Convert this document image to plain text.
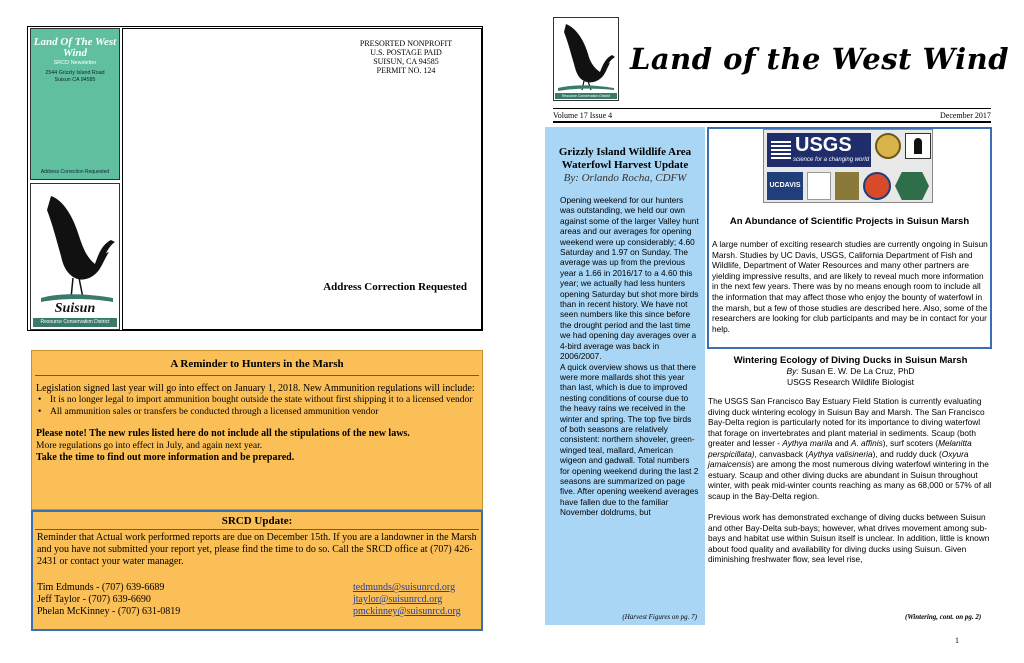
Land Of The West Wind
SRCD Newsletter
2544 Grizzly Island Road
Suisun CA 94585
Address Correction Requested
Suisun
Resource Conservation District
PRESORTED NONPROFIT
U.S. POSTAGE PAID
SUISUN, CA 94585
PERMIT NO. 124
Address Correction Requested
A Reminder to Hunters in the Marsh

Legislation signed last year will go into effect on January 1, 2018. New Ammunition regulations will include:

• It is no longer legal to import ammunition bought outside the state without first shipping it to a licensed vendor
• All ammunition sales or transfers be conducted through a licensed ammunition vendor

Please note! The new rules listed here do not include all the stipulations of the new laws.

More regulations go into effect in July, and again next year.

Take the time to find out more information and be prepared.

SRCD Update:

Reminder that Actual work performed reports are due on December 15th. If you are a landowner in the Marsh and you have not submitted your report yet, please find the time to do so. Call the SRCD office at (707) 426-2431 or contact your water manager.

Tim Edmunds - (707) 639-6689	tedmunds@suisunrcd.org
Jeff Taylor - (707) 639-6690	jtaylor@suisunrcd.org
Phelan McKinney - (707) 631-0819	pmckinney@suisunrcd.org
Resource Conservation District
Land of the West Wind
Volume 17 Issue 4	December 2017
Grizzly Island Wildlife Area Waterfowl Harvest Update
By: Orlando Rocha, CDFW
Opening weekend for our hunters was outstanding, we held our own against some of the larger Valley hunt areas and our averages for opening weekend were up considerably; 4.60 Saturday and 1.97 on Sunday. The average was up from the previous year a 1.66 in 2016/17 to a 4.60 this year; we actually had less hunters opening Saturday but shot more birds than in recent history. We have not seen numbers like this since before the drought period and the last time we had opening day averages over a 4-bird average was back in 2006/2007.
A quick overview shows us that there were more mallards shot this year than last, which is due to improved nesting conditions of course due to the heavy rains we received in the winter and spring. The top five birds of both seasons are relatively consistent: northern shoveler, green-winged teal, mallard, American wigeon and gadwall. Total numbers for opening weekend during the last 2 seasons are summarized on page five. After opening weekend averages have fallen due to the familiar November doldrums, but
(Harvest Figures on pg. 7)
An Abundance of Scientific Projects in Suisun Marsh
A large number of exciting research studies are currently ongoing in Suisun Marsh. Studies by UC Davis, USGS, California Department of Fish and Wildlife, Department of Water Resources and many other partners are yielding impressive results, and are likely to reveal much more information in the next few years. There was by no means enough room to include all the information that may affect those who enjoy the bounty of waterfowl in the marsh, but a few of those studies are described here. Also, some of the researchers are looking for club participants and may be in contact for your help.
USGS
science for a changing world
UCDAVIS
Wintering Ecology of Diving Ducks in Suisun Marsh
By: Susan E. W. De La Cruz, PhD
USGS Research Wildlife Biologist
The USGS San Francisco Bay Estuary Field Station is currently evaluating diving duck wintering ecology in Suisun Bay and Marsh. The San Francisco Bay-Delta region is particularly noted for its importance to diving waterfowl that forage on invertebrates and plant material in sediments. Scaup (both greater and lesser - Aythya marila and A. affinis), surf scoters (Melanitta perspicillata), canvasback (Aythya valisineria), and ruddy duck (Oxyura jamaicensis) are among the most numerous diving waterfowl wintering in the estuary. Scaup and other diving ducks are abundant in Suisun throughout winter, with peak mid-winter counts reaching as many as 68,000 or 57% of all scaup in the Bay-Delta region.
Previous work has demonstrated exchange of diving ducks between Suisun and other Bay-Delta sub-bays; however, what drives movement among sub-bays and habitat use within Suisun itself is unclear. In addition, little is known about food quality and availability for diving ducks using Suisun. Given diminishing freshwater flow, sea level rise,
(Wintering, cont. on pg. 2)
1
